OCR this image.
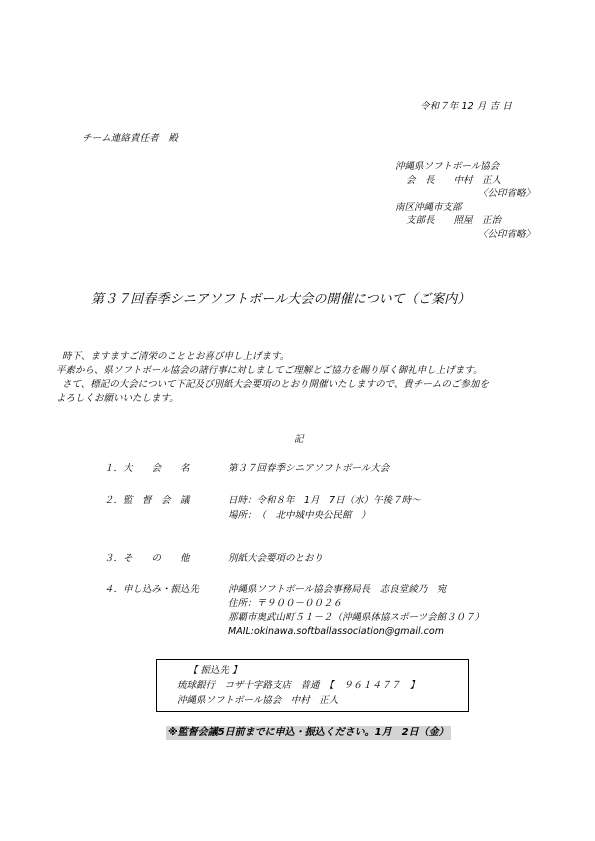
令和７年 12 月 吉 日
チーム連絡責任者　殿
沖縄県ソフトボール協会
会　長　　中村　正人
〈公印省略〉
南区沖縄市支部
支部長　　照屋　正治
〈公印省略〉
第３７回春季シニアソフトボール大会の開催について（ご案内）
時下、ますますご清栄のこととお喜び申し上げます。
平素から、県ソフトボール協会の諸行事に対しましてご理解とご協力を賜り厚く御礼申し上げます。
さて、標記の大会について下記及び別紙大会要項のとおり開催いたしますので、貴チームのご参加を
よろしくお願いいたします。
記
１．大　　会　　名	第３７回春季シニアソフトボール大会
２．監　督　会　議	日時：令和８年　1月　7日（水）午後７時～
場所：（　北中城中央公民館　）
３．そ　　の　　他	別紙大会要項のとおり
４．申し込み・振込先	沖縄県ソフトボール協会事務局長　志良堂綾乃　宛
住所：〒９００－００２６
那覇市奥武山町５１－２（沖縄県体協スポーツ会館３０７）
MAIL:okinawa.softballassociation@gmail.com
【 振込先 】
琉球銀行　コザ十字路支店　普通　【　９６１４７７　】
沖縄県ソフトボール協会　中村　正人
※監督会議5日前までに申込・振込ください。1月　2日（金）
